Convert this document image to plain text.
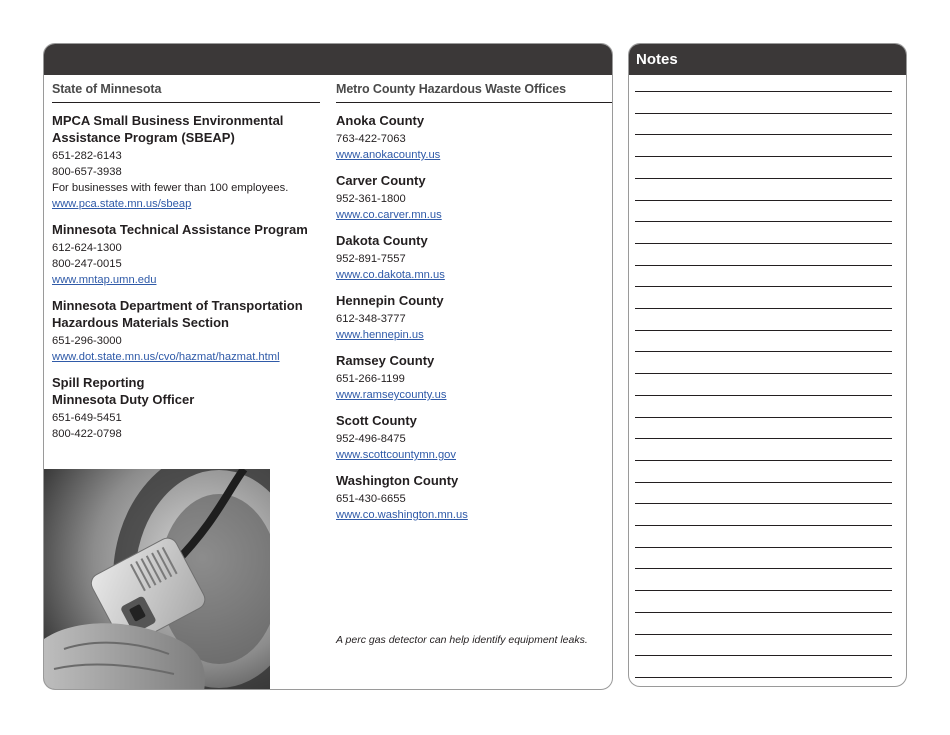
State of Minnesota
MPCA Small Business Environmental Assistance Program (SBEAP)
651-282-6143
800-657-3938
For businesses with fewer than 100 employees.
www.pca.state.mn.us/sbeap
Minnesota Technical Assistance Program
612-624-1300
800-247-0015
www.mntap.umn.edu
Minnesota Department of Transportation Hazardous Materials Section
651-296-3000
www.dot.state.mn.us/cvo/hazmat/hazmat.html
Spill Reporting
Minnesota Duty Officer
651-649-5451
800-422-0798
Metro County Hazardous Waste Offices
Anoka County
763-422-7063
www.anokacounty.us
Carver County
952-361-1800
www.co.carver.mn.us
Dakota County
952-891-7557
www.co.dakota.mn.us
Hennepin County
612-348-3777
www.hennepin.us
Ramsey County
651-266-1199
www.ramseycounty.us
Scott County
952-496-8475
www.scottcountymn.gov
Washington County
651-430-6655
www.co.washington.mn.us
A perc gas detector can help identify equipment leaks.
Notes
